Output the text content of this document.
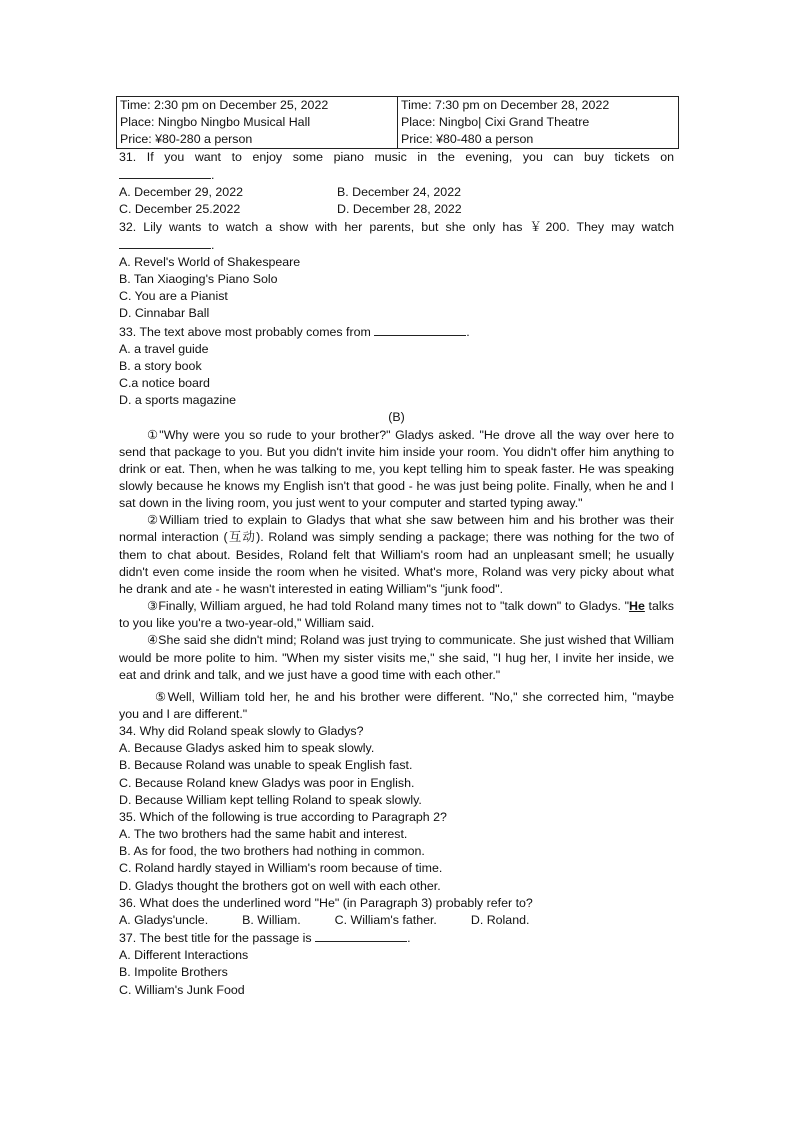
Time: 2:30 pm on December 25, 2022
Place: Ningbo Ningbo Musical Hall
Price: ¥80-280 a person

Time: 7:30 pm on December 28, 2022
Place: Ningbo| Cixi Grand Theatre
Price: ¥80-480 a person
31. If you want to enjoy some piano music in the evening, you can buy tickets on
.
A. December 29, 2022	B. December 24, 2022
C. December 25.2022	D. December 28, 2022
32. Lily wants to watch a show with her parents, but she only has ￥200. They may watch
.
A. Revel's World of Shakespeare
B. Tan Xiaoging's Piano Solo
C. You are a Pianist
D. Cinnabar Ball
33. The text above most probably comes from	.
A. a travel guide
B. a story book
C.a notice board
D. a sports magazine
(B)
①"Why were you so rude to your brother?" Gladys asked. "He drove all the way over here to send that package to you. But you didn't invite him inside your room. You didn't offer him anything to drink or eat. Then, when he was talking to me, you kept telling him to speak faster. He was speaking slowly because he knows my English isn't that good - he was just being polite. Finally, when he and I sat down in the living room, you just went to your computer and started typing away."
②William tried to explain to Gladys that what she saw between him and his brother was their normal interaction (互动). Roland was simply sending a package; there was nothing for the two of them to chat about. Besides, Roland felt that William's room had an unpleasant smell; he usually didn't even come inside the room when he visited. What's more, Roland was very picky about what he drank and ate - he wasn't interested in eating William"s "junk food".
③Finally, William argued, he had told Roland many times not to "talk down" to Gladys. "He talks to you like you're a two-year-old," William said.
④She said she didn't mind; Roland was just trying to communicate. She just wished that William would be more polite to him. "When my sister visits me," she said, "I hug her, I invite her inside, we eat and drink and talk, and we just have a good time with each other."
⑤Well, William told her, he and his brother were different. "No," she corrected him, "maybe you and I are different."
34. Why did Roland speak slowly to Gladys?
A. Because Gladys asked him to speak slowly.
B. Because Roland was unable to speak English fast.
C. Because Roland knew Gladys was poor in English.
D. Because William kept telling Roland to speak slowly.
35. Which of the following is true according to Paragraph 2?
A. The two brothers had the same habit and interest.
B. As for food, the two brothers had nothing in common.
C. Roland hardly stayed in William's room because of time.
D. Gladys thought the brothers got on well with each other.
36. What does the underlined word "He" (in Paragraph 3) probably refer to?
A. Gladys'uncle.	B. William.	C. William's father.	D. Roland.
37. The best title for the passage is	.
A. Different Interactions
B. Impolite Brothers
C. William's Junk Food
